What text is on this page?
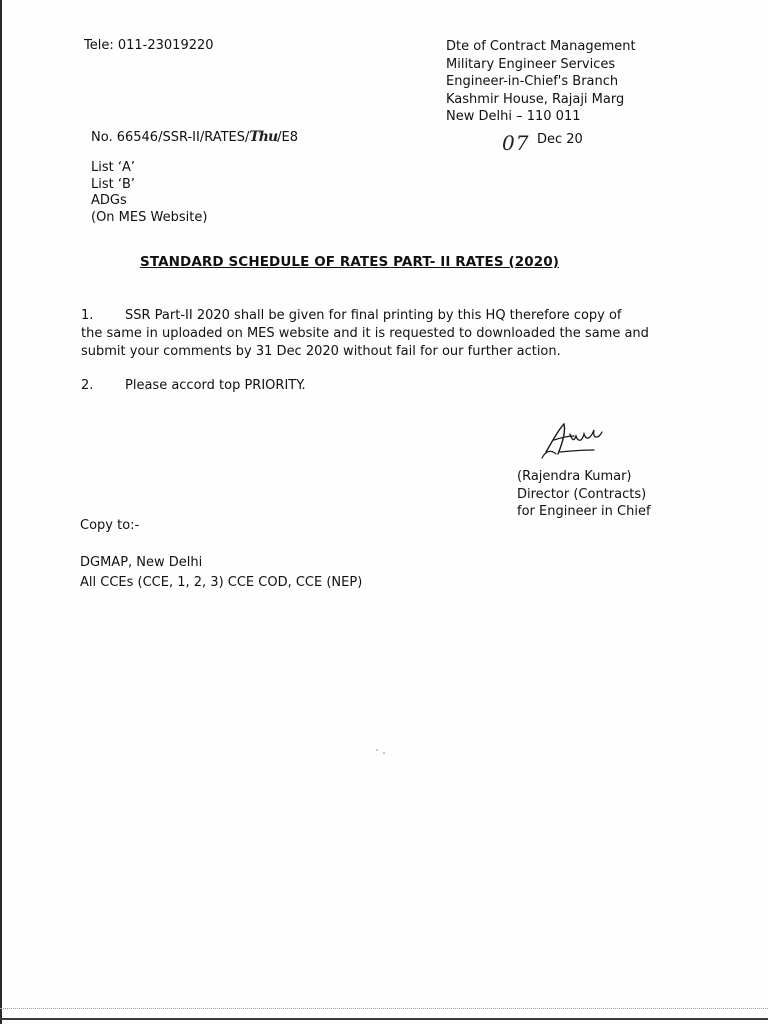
Tele: 011-23019220	Dte of Contract Management
Military Engineer Services
Engineer-in-Chief's Branch
Kashmir House, Rajaji Marg
New Delhi – 110 011
No. 66546/SSR-II/RATES/Thu/E8	07 Dec 20
List ‘A’
List ‘B’
ADGs
(On MES Website)
STANDARD SCHEDULE OF RATES PART- II RATES (2020)
1. SSR Part-II 2020 shall be given for final printing by this HQ therefore copy of
the same in uploaded on MES website and it is requested to downloaded the same and
submit your comments by 31 Dec 2020 without fail for our further action.
2. Please accord top PRIORITY.
(Rajendra Kumar)
Director (Contracts)
for Engineer in Chief
Copy to:-
DGMAP, New Delhi
All CCEs (CCE, 1, 2, 3) CCE COD, CCE (NEP)
